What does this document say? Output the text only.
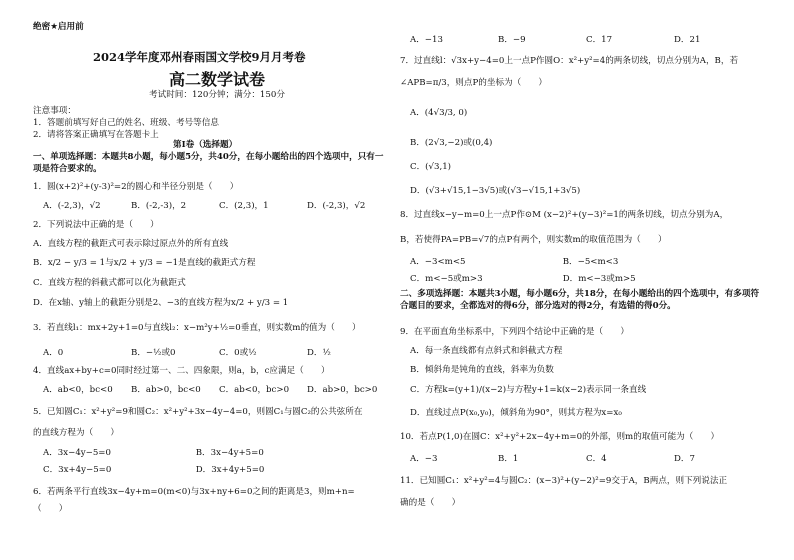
绝密★启用前
2024学年度邓州春雨国文学校9月月考卷
高二数学试卷
考试时间：120分钟；满分：150分
注意事项：
1．答题前填写好自己的姓名、班级、考号等信息
2．请将答案正确填写在答题卡上
第I卷（选择题）
一、单项选择题：本题共8小题，每小题5分，共40分，在每小题给出的四个选项中，只有一项是符合要求的。
1．圆(x+2)²+(y-3)²=2的圆心和半径分别是（　　）
A．(-2,3)，√2	B．(-2,-3)，2	C．(2,3)，1	D．(-2,3)，√2
2．下列说法中正确的是（　　）
A．直线方程的截距式可表示除过原点外的所有直线
B．x/2 − y/3 = 1与x/2 + y/3 = −1是直线的截距式方程
C．直线方程的斜截式都可以化为截距式
D．在x轴、y轴上的截距分别是2、−3的直线方程为x/2 + y/3 = 1
3．若直线l₁：mx+2y+1=0与直线l₂：x−m²y+½=0垂直，则实数m的值为（　　）
A．0	B．−½或0	C．0或½	D．½
4．直线ax+by+c=0同时经过第一、二、四象限，则a，b，c应满足（　　）
A．ab<0，bc<0	B．ab>0，bc<0	C．ab<0，bc>0	D．ab>0，bc>0
5．已知圆C₁：x²+y²=9和圆C₂：x²+y²+3x−4y−4=0，则圆C₁与圆C₂的公共弦所在
的直线方程为（　　）
A．3x−4y−5=0	B．3x−4y+5=0
C．3x+4y−5=0	D．3x+4y+5=0
6．若两条平行直线3x−4y+m=0(m<0)与3x+ny+6=0之间的距离是3，则m+n=
（　　）
A．−13	B．−9	C．17	D．21
7．过直线l：√3x+y−4=0上一点P作圆O：x²+y²=4的两条切线，切点分别为A，B，若
∠APB=π/3，则点P的坐标为（　　）
A．(4√3/3, 0)
B．(2√3,−2)或(0,4)
C．(√3,1)
D．(√3+√15,1−3√5)或(√3−√15,1+3√5)
8．过直线x−y−m=0上一点P作⊙M (x−2)²+(y−3)²=1的两条切线，切点分别为A，
B，若使得PA=PB=√7的点P有两个，则实数m的取值范围为（　　）
A．−3<m<5	B．−5<m<3
C．m<−5或m>3	D．m<−3或m>5
二、多项选择题：本题共3小题，每小题6分，共18分，在每小题给出的四个选项中，有多项符合题目的要求，全都选对的得6分，部分选对的得2分，有选错的得0分。
9．在平面直角坐标系中，下列四个结论中正确的是（　　）
A．每一条直线都有点斜式和斜截式方程
B．倾斜角是钝角的直线，斜率为负数
C．方程k=(y+1)/(x−2)与方程y+1=k(x−2)表示同一条直线
D．直线过点P(x₀,y₀)，倾斜角为90°，则其方程为x=x₀
10．若点P(1,0)在圆C：x²+y²+2x−4y+m=0的外部，则m的取值可能为（　　）
A．−3	B．1	C．4	D．7
11．已知圆C₁：x²+y²=4与圆C₂：(x−3)²+(y−2)²=9交于A，B两点，则下列说法正
确的是（　　）
